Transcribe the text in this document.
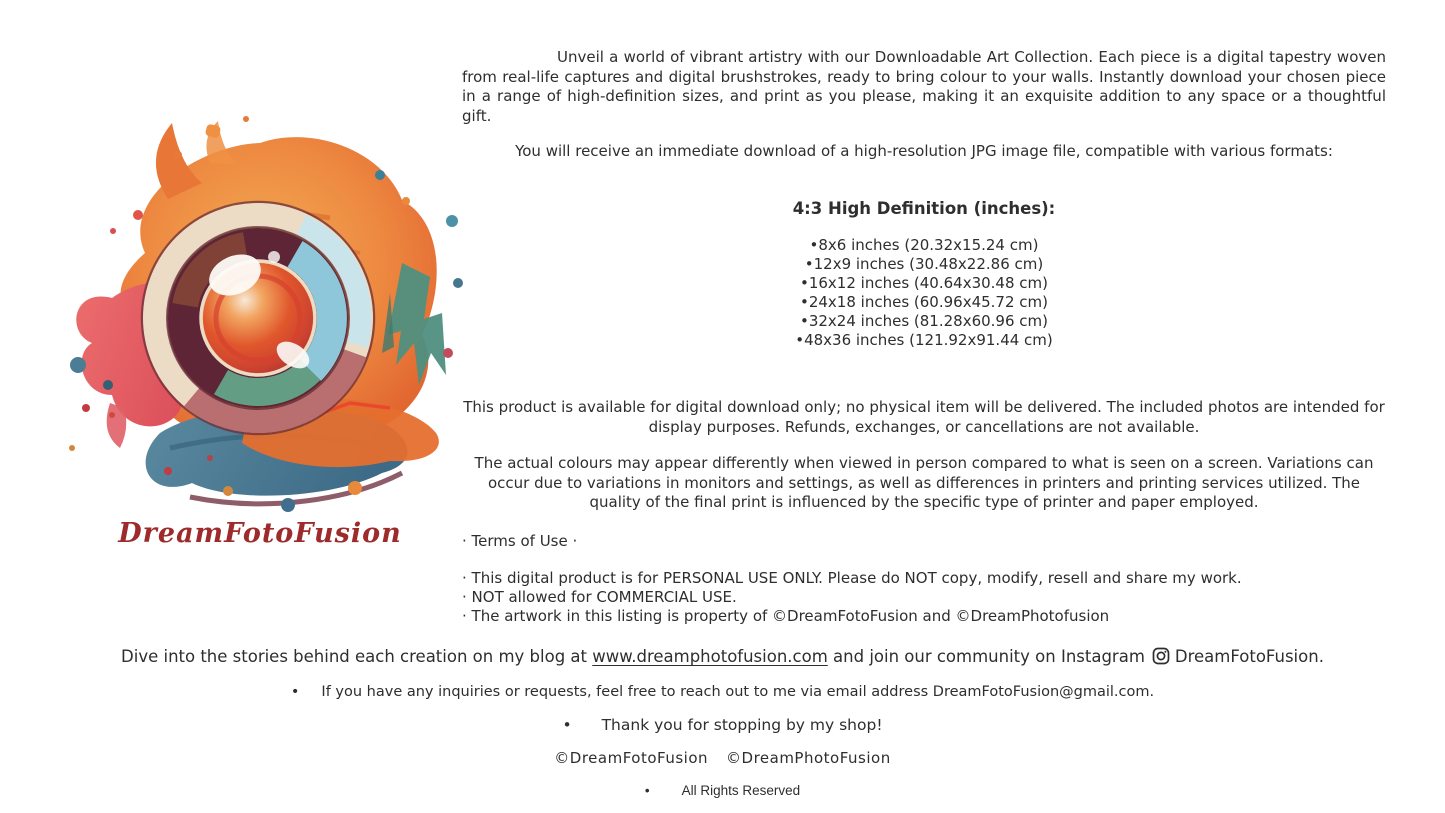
DreamFotoFusion

Unveil a world of vibrant artistry with our Downloadable Art Collection. Each piece is a digital tapestry woven from real-life captures and digital brushstrokes, ready to bring colour to your walls. Instantly download your chosen piece in a range of high-definition sizes, and print as you please, making it an exquisite addition to any space or a thoughtful gift.

You will receive an immediate download of a high-resolution JPG image file, compatible with various formats:

4:3 High Definition (inches):
•8x6 inches (20.32x15.24 cm)
•12x9 inches (30.48x22.86 cm)
•16x12 inches (40.64x30.48 cm)
•24x18 inches (60.96x45.72 cm)
•32x24 inches (81.28x60.96 cm)
•48x36 inches (121.92x91.44 cm)

This product is available for digital download only; no physical item will be delivered. The included photos are intended for display purposes. Refunds, exchanges, or cancellations are not available.

The actual colours may appear differently when viewed in person compared to what is seen on a screen. Variations can occur due to variations in monitors and settings, as well as differences in printers and printing services utilized. The quality of the final print is influenced by the specific type of printer and paper employed.

· Terms of Use ·
· This digital product is for PERSONAL USE ONLY. Please do NOT copy, modify, resell and share my work.
· NOT allowed for COMMERCIAL USE.
· The artwork in this listing is property of ©DreamFotoFusion and ©DreamPhotofusion
Dive into the stories behind each creation on my blog at www.dreamphotofusion.com and join our community on Instagram DreamFotoFusion.
• If you have any inquiries or requests, feel free to reach out to me via email address DreamFotoFusion@gmail.com.
• Thank you for stopping by my shop!
©DreamFotoFusion ©DreamPhotoFusion
• All Rights Reserved
